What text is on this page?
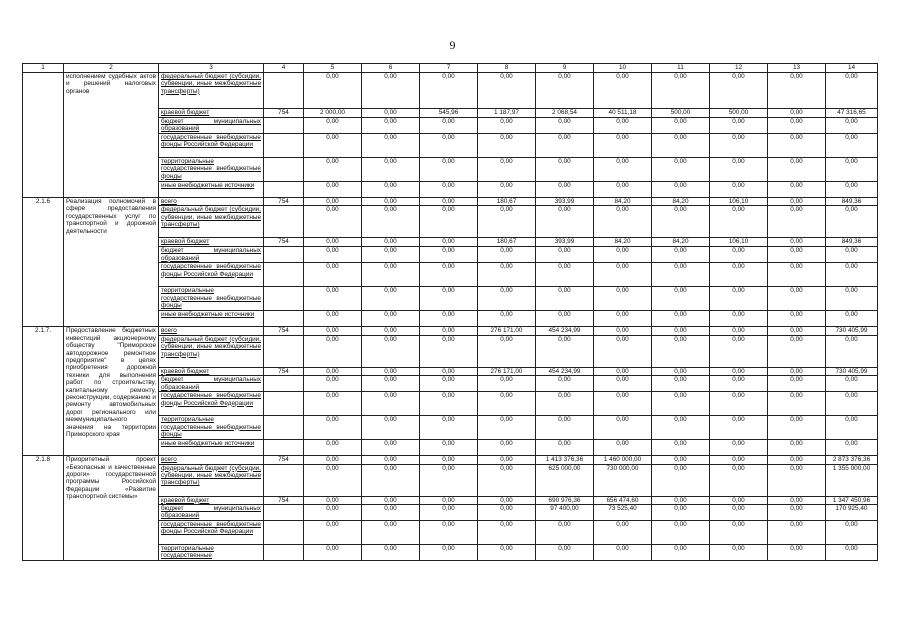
9
1	2	3	4	5	6	7	8	9	10	11	12	13	14
	исполнением судебных актов и решений налоговых органов	федеральный бюджет (субсидии, субвенции, иные межбюджетные трансферты)		0,00	0,00	0,00	0,00	0,00	0,00	0,00	0,00	0,00	0,00
		краевой бюджет	754	2 000,00	0,00	545,96	1 187,97	2 068,54	40 511,18	500,00	500,00	0,00	47 316,65
		бюджет муниципальных образований		0,00	0,00	0,00	0,00	0,00	0,00	0,00	0,00	0,00	0,00
		государственные внебюджетные фонды Российской Федерации		0,00	0,00	0,00	0,00	0,00	0,00	0,00	0,00	0,00	0,00
		территориальные государственные внебюджетные фонды		0,00	0,00	0,00	0,00	0,00	0,00	0,00	0,00	0,00	0,00
		иные внебюджетные источники		0,00	0,00	0,00	0,00	0,00	0,00	0,00	0,00	0,00	0,00
2.1.6	Реализация полномочий в сфере предоставления государственных услуг по транспортной и дорожной деятельности	всего	754	0,00	0,00	0,00	180,67	393,99	84,20	84,20	106,10	0,00	849,36
		федеральный бюджет (субсидии, субвенции, иные межбюджетные трансферты)		0,00	0,00	0,00	0,00	0,00	0,00	0,00	0,00	0,00	0,00
		краевой бюджет	754	0,00	0,00	0,00	180,67	393,99	84,20	84,20	106,10	0,00	849,36
		бюджет муниципальных образований		0,00	0,00	0,00	0,00	0,00	0,00	0,00	0,00	0,00	0,00
		государственные внебюджетные фонды Российской Федерации		0,00	0,00	0,00	0,00	0,00	0,00	0,00	0,00	0,00	0,00
		территориальные государственные внебюджетные фонды		0,00	0,00	0,00	0,00	0,00	0,00	0,00	0,00	0,00	0,00
		иные внебюджетные источники		0,00	0,00	0,00	0,00	0,00	0,00	0,00	0,00	0,00	0,00
2.1.7.	Предоставление бюджетных инвестиций акционерному обществу "Приморское автодорожное ремонтное предприятие" в целях приобретения дорожной техники для выполнения работ по строительству, капитальному ремонту, реконструкции, содержанию и ремонту автомобильных дорог регионального или межмуниципального значения на территории Приморского края	всего	754	0,00	0,00	0,00	276 171,00	454 234,99	0,00	0,00	0,00	0,00	730 405,99
		федеральный бюджет (субсидии, субвенции, иные межбюджетные трансферты)		0,00	0,00	0,00	0,00	0,00	0,00	0,00	0,00	0,00	0,00
		краевой бюджет	754	0,00	0,00	0,00	276 171,00	454 234,99	0,00	0,00	0,00	0,00	730 405,99
		бюджет муниципальных образований		0,00	0,00	0,00	0,00	0,00	0,00	0,00	0,00	0,00	0,00
		государственные внебюджетные фонды Российской Федерации		0,00	0,00	0,00	0,00	0,00	0,00	0,00	0,00	0,00	0,00
		территориальные государственные внебюджетные фонды		0,00	0,00	0,00	0,00	0,00	0,00	0,00	0,00	0,00	0,00
		иные внебюджетные источники		0,00	0,00	0,00	0,00	0,00	0,00	0,00	0,00	0,00	0,00
2.1.8	Приоритетный проект «Безопасные и качественные дороги» государственной программы Российской Федерации «Развитие транспортной системы»	всего	754	0,00	0,00	0,00	0,00	1 413 376,36	1 460 000,00	0,00	0,00	0,00	2 873 376,36
		федеральный бюджет (субсидии, субвенции, иные межбюджетные трансферты)		0,00	0,00	0,00	0,00	625 000,00	730 000,00	0,00	0,00	0,00	1 355 000,00
		краевой бюджет	754	0,00	0,00	0,00	0,00	690 976,36	656 474,60	0,00	0,00	0,00	1 347 450,96
		бюджет муниципальных образований		0,00	0,00	0,00	0,00	97 400,00	73 525,40	0,00	0,00	0,00	170 925,40
		государственные внебюджетные фонды Российской Федерации		0,00	0,00	0,00	0,00	0,00	0,00	0,00	0,00	0,00	0,00
		территориальные государственные		0,00	0,00	0,00	0,00	0,00	0,00	0,00	0,00	0,00	0,00
